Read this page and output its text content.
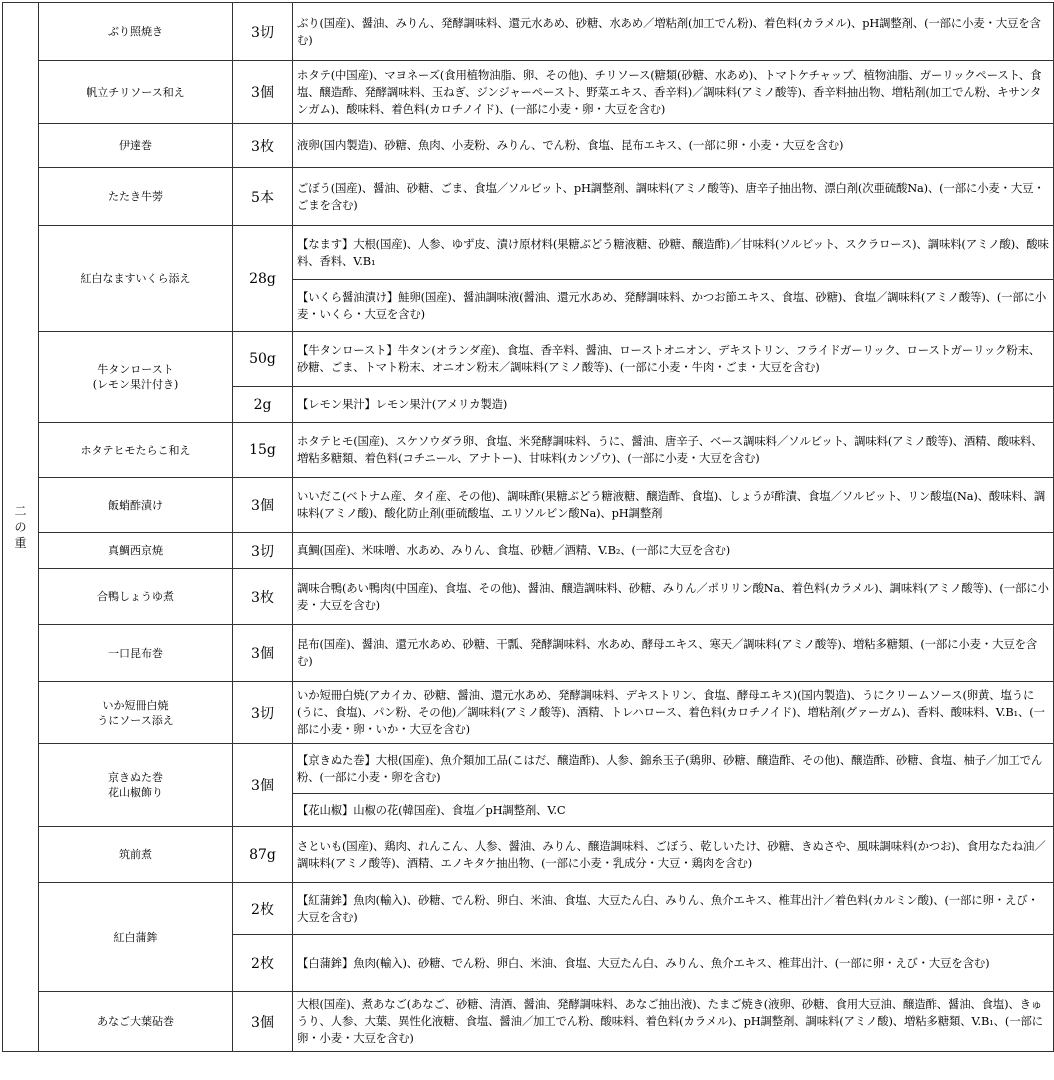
二の重	ぶり照焼き	3切	ぶり(国産)、醤油、みりん、発酵調味料、還元水あめ、砂糖、水あめ／増粘剤(加工でん粉)、着色料(カラメル)、pH調整剤、(一部に小麦・大豆を含む)
	帆立チリソース和え	3個	ホタテ(中国産)、マヨネーズ(食用植物油脂、卵、その他)、チリソース(糖類(砂糖、水あめ)、トマトケチャップ、植物油脂、ガーリックペースト、食塩、醸造酢、発酵調味料、玉ねぎ、ジンジャーペースト、野菜エキス、香辛料)／調味料(アミノ酸等)、香辛料抽出物、増粘剤(加工でん粉、キサンタンガム)、酸味料、着色料(カロチノイド)、(一部に小麦・卵・大豆を含む)
	伊達巻	3枚	液卵(国内製造)、砂糖、魚肉、小麦粉、みりん、でん粉、食塩、昆布エキス、(一部に卵・小麦・大豆を含む)
	たたき牛蒡	5本	ごぼう(国産)、醤油、砂糖、ごま、食塩／ソルビット、pH調整剤、調味料(アミノ酸等)、唐辛子抽出物、漂白剤(次亜硫酸Na)、(一部に小麦・大豆・ごまを含む)
	紅白なますいくら添え	28g	【なます】大根(国産)、人参、ゆず皮、漬け原材料(果糖ぶどう糖液糖、砂糖、醸造酢)／甘味料(ソルビット、スクラロース)、調味料(アミノ酸)、酸味料、香料、V.B₁
			【いくら醤油漬け】鮭卵(国産)、醤油調味液(醤油、還元水あめ、発酵調味料、かつお節エキス、食塩、砂糖)、食塩／調味料(アミノ酸等)、(一部に小麦・いくら・大豆を含む)

	牛タンロースト
(レモン果汁付き)	50g	【牛タンロースト】牛タン(オランダ産)、食塩、香辛料、醤油、ローストオニオン、デキストリン、フライドガーリック、ローストガーリック粉末、砂糖、ごま、トマト粉末、オニオン粉末／調味料(アミノ酸等)、(一部に小麦・牛肉・ごま・大豆を含む)
		2g	【レモン果汁】レモン果汁(アメリカ製造)
	ホタテヒモたらこ和え	15g	ホタテヒモ(国産)、スケソウダラ卵、食塩、米発酵調味料、うに、醤油、唐辛子、ベース調味料／ソルビット、調味料(アミノ酸等)、酒精、酸味料、増粘多糖類、着色料(コチニール、アナトー)、甘味料(カンゾウ)、(一部に小麦・大豆を含む)
	飯蛸酢漬け	3個	いいだこ(ベトナム産、タイ産、その他)、調味酢(果糖ぶどう糖液糖、醸造酢、食塩)、しょうが酢漬、食塩／ソルビット、リン酸塩(Na)、酸味料、調味料(アミノ酸)、酸化防止剤(亜硫酸塩、エリソルビン酸Na)、pH調整剤
	真鯛西京焼	3切	真鯛(国産)、米味噌、水あめ、みりん、食塩、砂糖／酒精、V.B₂、(一部に大豆を含む)
	合鴨しょうゆ煮	3枚	調味合鴨(あい鴨肉(中国産)、食塩、その他)、醤油、醸造調味料、砂糖、みりん／ポリリン酸Na、着色料(カラメル)、調味料(アミノ酸等)、(一部に小麦・大豆を含む)
	一口昆布巻	3個	昆布(国産)、醤油、還元水あめ、砂糖、干瓢、発酵調味料、水あめ、酵母エキス、寒天／調味料(アミノ酸等)、増粘多糖類、(一部に小麦・大豆を含む)

	いか短冊白焼
うにソース添え	3切	いか短冊白焼(アカイカ、砂糖、醤油、還元水あめ、発酵調味料、デキストリン、食塩、酵母エキス)(国内製造)、うにクリームソース(卵黄、塩うに(うに、食塩)、パン粉、その他)／調味料(アミノ酸等)、酒精、トレハロース、着色料(カロチノイド)、増粘剤(グァーガム)、香料、酸味料、V.B₁、(一部に小麦・卵・いか・大豆を含む)

	京きぬた巻
花山椒飾り	3個	【京きぬた巻】大根(国産)、魚介類加工品(こはだ、醸造酢)、人参、錦糸玉子(鶏卵、砂糖、醸造酢、その他)、醸造酢、砂糖、食塩、柚子／加工でん粉、(一部に小麦・卵を含む)
			【花山椒】山椒の花(韓国産)、食塩／pH調整剤、V.C
	筑前煮	87g	さといも(国産)、鶏肉、れんこん、人参、醤油、みりん、醸造調味料、ごぼう、乾しいたけ、砂糖、きぬさや、風味調味料(かつお)、食用なたね油／調味料(アミノ酸等)、酒精、エノキタケ抽出物、(一部に小麦・乳成分・大豆・鶏肉を含む)
	紅白蒲鉾	2枚	【紅蒲鉾】魚肉(輸入)、砂糖、でん粉、卵白、米油、食塩、大豆たん白、みりん、魚介エキス、椎茸出汁／着色料(カルミン酸)、(一部に卵・えび・大豆を含む)
		2枚	【白蒲鉾】魚肉(輸入)、砂糖、でん粉、卵白、米油、食塩、大豆たん白、みりん、魚介エキス、椎茸出汁、(一部に卵・えび・大豆を含む)
	あなご大葉砧巻	3個	大根(国産)、煮あなご(あなご、砂糖、清酒、醤油、発酵調味料、あなご抽出液)、たまご焼き(液卵、砂糖、食用大豆油、醸造酢、醤油、食塩)、きゅうり、人参、大葉、異性化液糖、食塩、醤油／加工でん粉、酸味料、着色料(カラメル)、pH調整剤、調味料(アミノ酸)、増粘多糖類、V.B₁、(一部に卵・小麦・大豆を含む)
